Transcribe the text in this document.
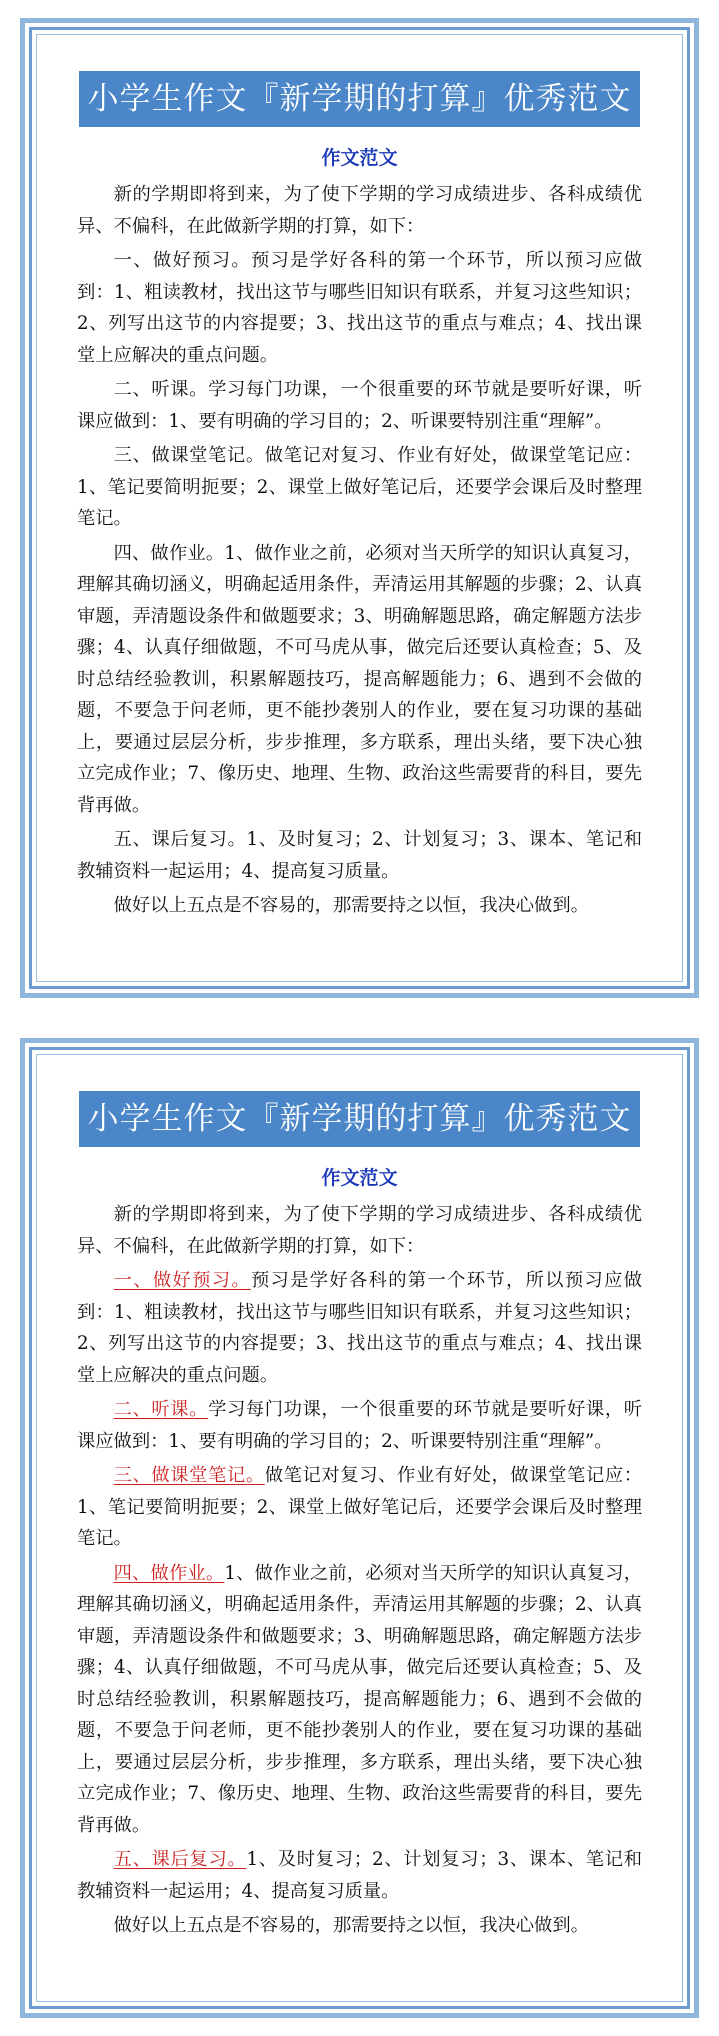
小学生作文『新学期的打算』优秀范文
作文范文

新的学期即将到来，为了使下学期的学习成绩进步、各科成绩优异、不偏科，在此做新学期的打算，如下：

一、做好预习。预习是学好各科的第一个环节，所以预习应做到：1、粗读教材，找出这节与哪些旧知识有联系，并复习这些知识；2、列写出这节的内容提要；3、找出这节的重点与难点；4、找出课堂上应解决的重点问题。

二、听课。学习每门功课，一个很重要的环节就是要听好课，听课应做到：1、要有明确的学习目的；2、听课要特别注重“理解”。

三、做课堂笔记。做笔记对复习、作业有好处，做课堂笔记应：1、笔记要简明扼要；2、课堂上做好笔记后，还要学会课后及时整理笔记。

四、做作业。1、做作业之前，必须对当天所学的知识认真复习，理解其确切涵义，明确起适用条件，弄清运用其解题的步骤；2、认真审题，弄清题设条件和做题要求；3、明确解题思路，确定解题方法步骤；4、认真仔细做题，不可马虎从事，做完后还要认真检查；5、及时总结经验教训，积累解题技巧，提高解题能力；6、遇到不会做的题，不要急于问老师，更不能抄袭别人的作业，要在复习功课的基础上，要通过层层分析，步步推理，多方联系，理出头绪，要下决心独立完成作业；7、像历史、地理、生物、政治这些需要背的科目，要先背再做。

五、课后复习。1、及时复习；2、计划复习；3、课本、笔记和教辅资料一起运用；4、提高复习质量。

做好以上五点是不容易的，那需要持之以恒，我决心做到。

小学生作文『新学期的打算』优秀范文
作文范文

新的学期即将到来，为了使下学期的学习成绩进步、各科成绩优异、不偏科，在此做新学期的打算，如下：

一、做好预习。预习是学好各科的第一个环节，所以预习应做到：1、粗读教材，找出这节与哪些旧知识有联系，并复习这些知识；2、列写出这节的内容提要；3、找出这节的重点与难点；4、找出课堂上应解决的重点问题。

二、听课。学习每门功课，一个很重要的环节就是要听好课，听课应做到：1、要有明确的学习目的；2、听课要特别注重“理解”。

三、做课堂笔记。做笔记对复习、作业有好处，做课堂笔记应：1、笔记要简明扼要；2、课堂上做好笔记后，还要学会课后及时整理笔记。

四、做作业。1、做作业之前，必须对当天所学的知识认真复习，理解其确切涵义，明确起适用条件，弄清运用其解题的步骤；2、认真审题，弄清题设条件和做题要求；3、明确解题思路，确定解题方法步骤；4、认真仔细做题，不可马虎从事，做完后还要认真检查；5、及时总结经验教训，积累解题技巧，提高解题能力；6、遇到不会做的题，不要急于问老师，更不能抄袭别人的作业，要在复习功课的基础上，要通过层层分析，步步推理，多方联系，理出头绪，要下决心独立完成作业；7、像历史、地理、生物、政治这些需要背的科目，要先背再做。

五、课后复习。1、及时复习；2、计划复习；3、课本、笔记和教辅资料一起运用；4、提高复习质量。

做好以上五点是不容易的，那需要持之以恒，我决心做到。
